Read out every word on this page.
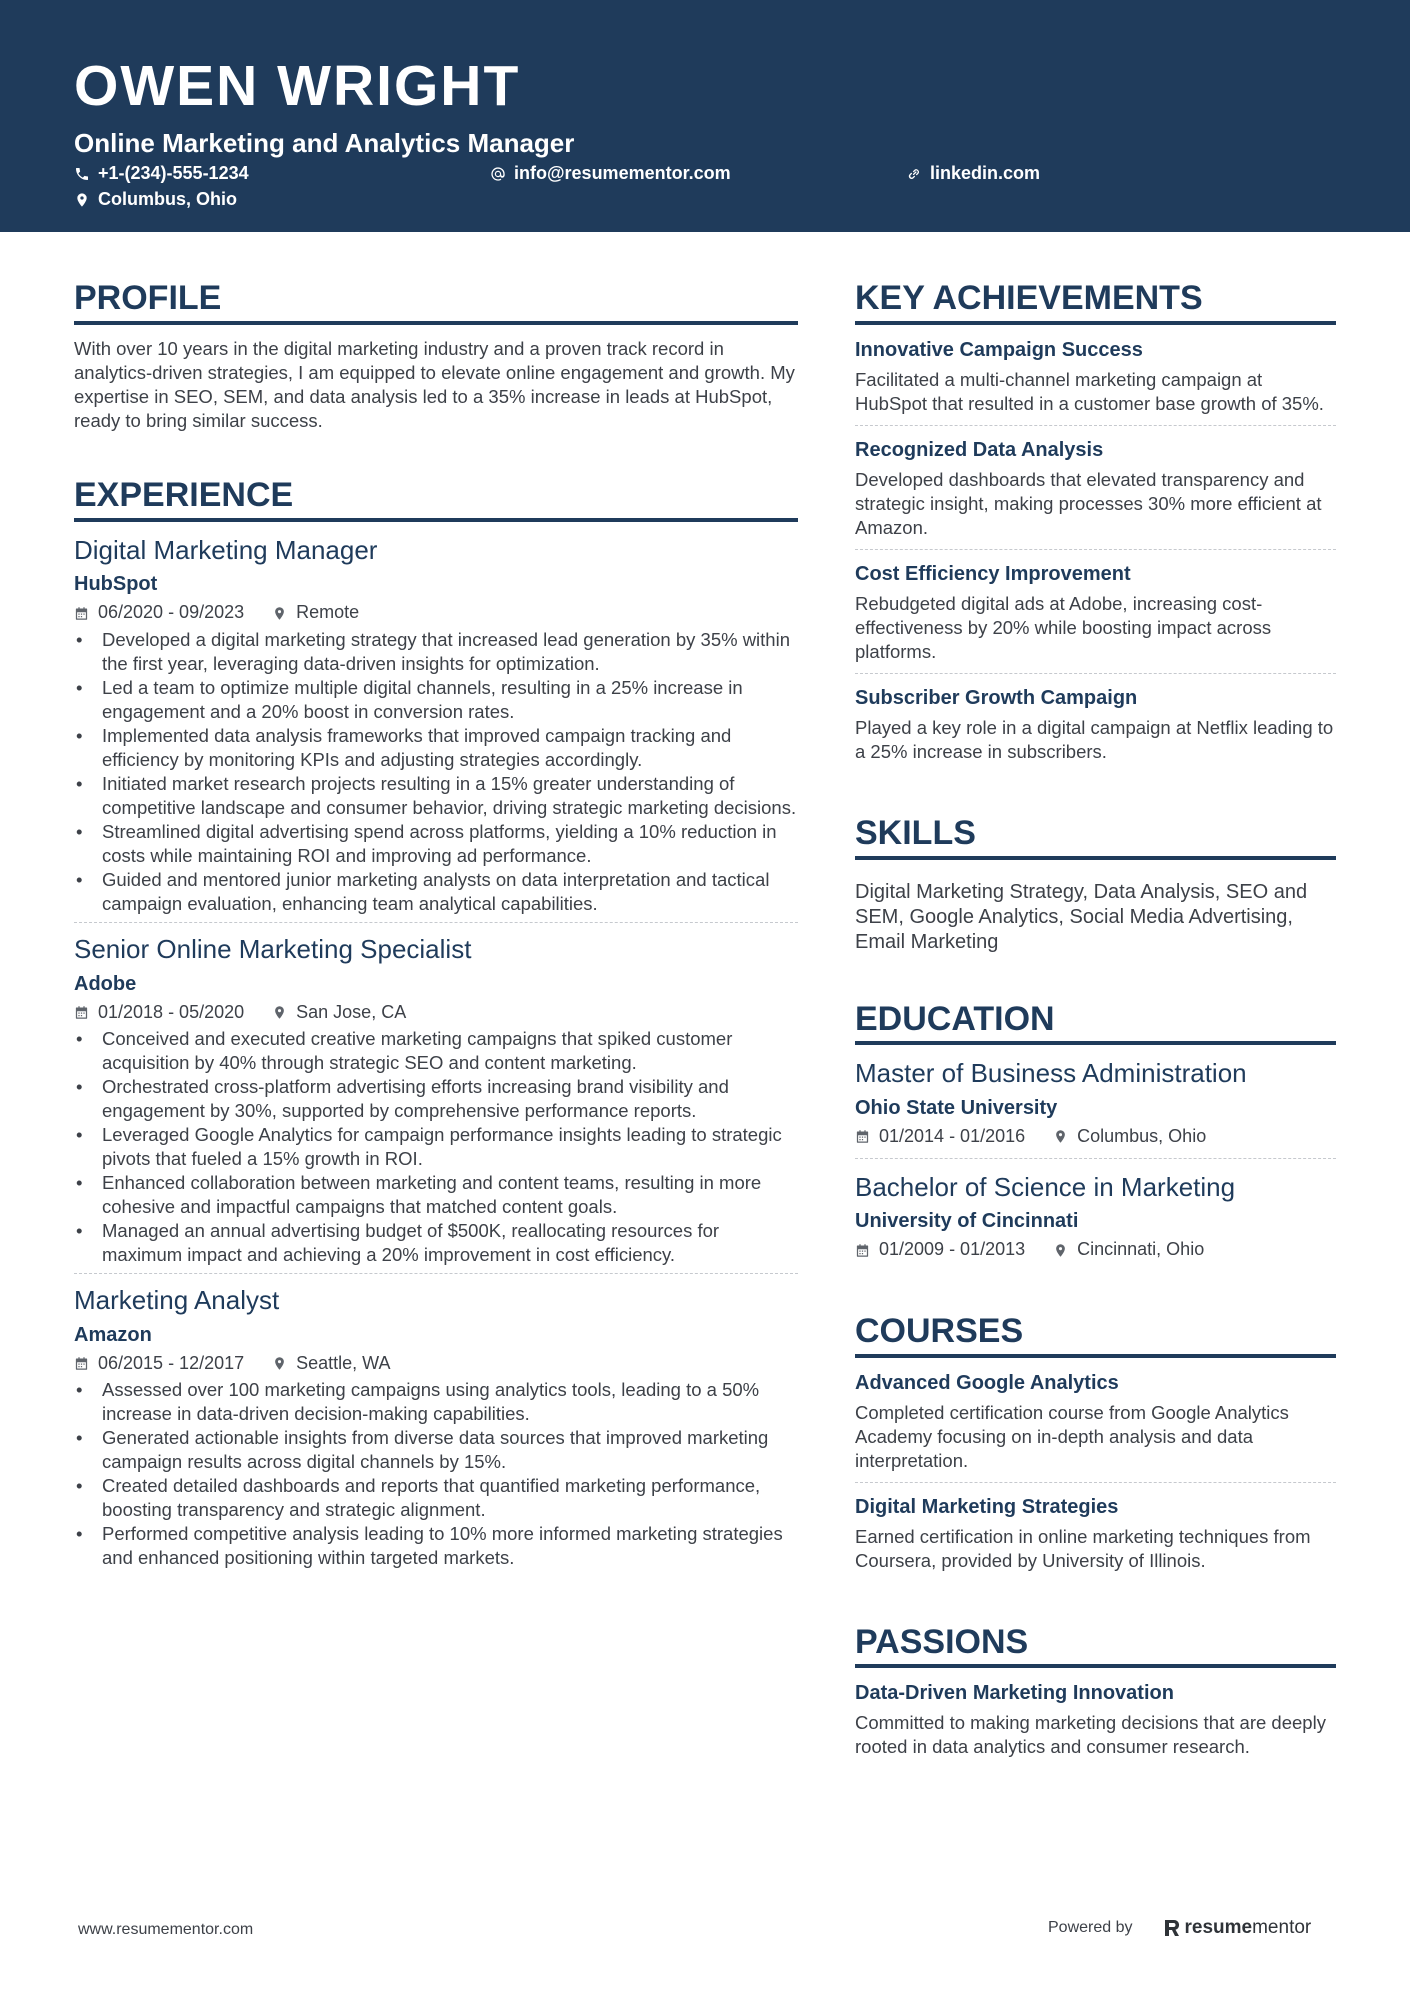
OWEN WRIGHT
Online Marketing and Analytics Manager
+1-(234)-555-1234	info@resumementor.com	linkedin.com
Columbus, Ohio
PROFILE
With over 10 years in the digital marketing industry and a proven track record in analytics-driven strategies, I am equipped to elevate online engagement and growth. My expertise in SEO, SEM, and data analysis led to a 35% increase in leads at HubSpot, ready to bring similar success.
EXPERIENCE
Digital Marketing Manager
HubSpot
06/2020 - 09/2023	Remote
• Developed a digital marketing strategy that increased lead generation by 35% within the first year, leveraging data-driven insights for optimization.
• Led a team to optimize multiple digital channels, resulting in a 25% increase in engagement and a 20% boost in conversion rates.
• Implemented data analysis frameworks that improved campaign tracking and efficiency by monitoring KPIs and adjusting strategies accordingly.
• Initiated market research projects resulting in a 15% greater understanding of competitive landscape and consumer behavior, driving strategic marketing decisions.
• Streamlined digital advertising spend across platforms, yielding a 10% reduction in costs while maintaining ROI and improving ad performance.
• Guided and mentored junior marketing analysts on data interpretation and tactical campaign evaluation, enhancing team analytical capabilities.
Senior Online Marketing Specialist
Adobe
01/2018 - 05/2020	San Jose, CA
• Conceived and executed creative marketing campaigns that spiked customer acquisition by 40% through strategic SEO and content marketing.
• Orchestrated cross-platform advertising efforts increasing brand visibility and engagement by 30%, supported by comprehensive performance reports.
• Leveraged Google Analytics for campaign performance insights leading to strategic pivots that fueled a 15% growth in ROI.
• Enhanced collaboration between marketing and content teams, resulting in more cohesive and impactful campaigns that matched content goals.
• Managed an annual advertising budget of $500K, reallocating resources for maximum impact and achieving a 20% improvement in cost efficiency.
Marketing Analyst
Amazon
06/2015 - 12/2017	Seattle, WA
• Assessed over 100 marketing campaigns using analytics tools, leading to a 50% increase in data-driven decision-making capabilities.
• Generated actionable insights from diverse data sources that improved marketing campaign results across digital channels by 15%.
• Created detailed dashboards and reports that quantified marketing performance, boosting transparency and strategic alignment.
• Performed competitive analysis leading to 10% more informed marketing strategies and enhanced positioning within targeted markets.
KEY ACHIEVEMENTS
Innovative Campaign Success
Facilitated a multi-channel marketing campaign at HubSpot that resulted in a customer base growth of 35%.
Recognized Data Analysis
Developed dashboards that elevated transparency and strategic insight, making processes 30% more efficient at Amazon.
Cost Efficiency Improvement
Rebudgeted digital ads at Adobe, increasing cost-effectiveness by 20% while boosting impact across platforms.
Subscriber Growth Campaign
Played a key role in a digital campaign at Netflix leading to a 25% increase in subscribers.
SKILLS
Digital Marketing Strategy, Data Analysis, SEO and SEM, Google Analytics, Social Media Advertising, Email Marketing
EDUCATION
Master of Business Administration
Ohio State University
01/2014 - 01/2016	Columbus, Ohio
Bachelor of Science in Marketing
University of Cincinnati
01/2009 - 01/2013	Cincinnati, Ohio
COURSES
Advanced Google Analytics
Completed certification course from Google Analytics Academy focusing on in-depth analysis and data interpretation.
Digital Marketing Strategies
Earned certification in online marketing techniques from Coursera, provided by University of Illinois.
PASSIONS
Data-Driven Marketing Innovation
Committed to making marketing decisions that are deeply rooted in data analytics and consumer research.
www.resumementor.com	Powered by	resume mentor
